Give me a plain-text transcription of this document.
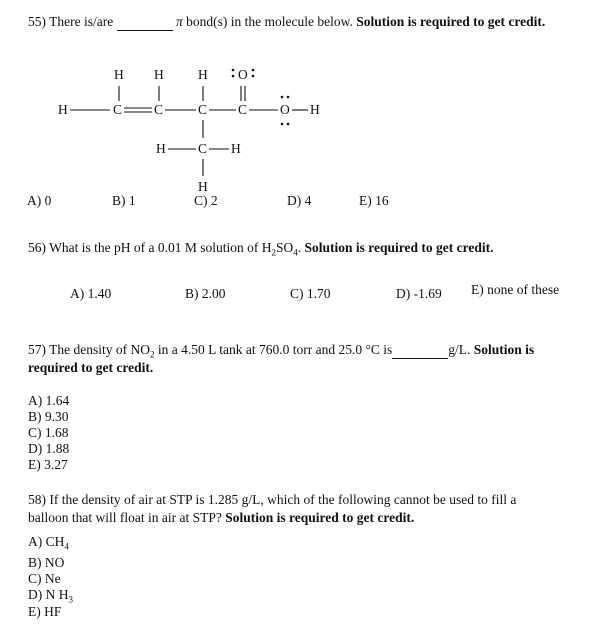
55) There is/are	π bond(s) in the molecule below. Solution is required to get credit.
H H	H O
H	C C	C C O H
H C H
H
A) 0	B) 1	C) 2	D) 4	E) 16
56) What is the pH of a 0.01 M solution of $H_2SO_4$. Solution is required to get credit.
A) 1.40	B) 2.00	C) 1.70	D) -1.69 E) none of these
57) The density of $NO_2$ in a 4.50 L tank at 760.0 torr and 25.0 °C is	g/L. Solution is
required to get credit.
A) 1.64
B) 9.30
C) 1.68
D) 1.88
E) 3.27
58) If the density of air at STP is 1.285 g/L, which of the following cannot be used to fill a
balloon that will float in air at STP? Solution is required to get credit.
A) $CH_4$
B) NO
C) Ne
D) N $H_3$
E) HF
